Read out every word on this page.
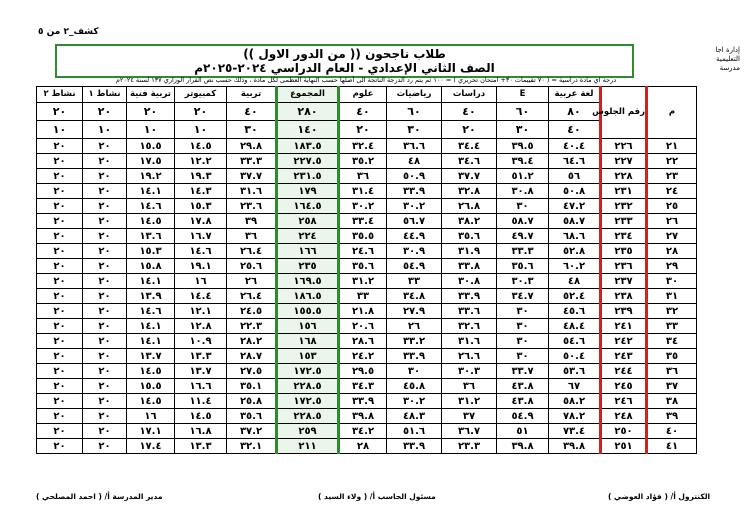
كشف_٢ من ٥
إدارة اجا التعليمية
مدرسة
طلاب ناجحون (( من الدور الاول ))
الصف الثاني الإعدادي - العام الدراسي ٢٠٢٤-٢٠٢٥م
درجة اي مادة دراسية = ( ٧٠ تقييمات ٣٠+ امتحان تحريري ) = ١٠٠ ثم يتم رد الدرجة الناتجة الى أصلها حسب النهاية العظمى لكل مادة ، وذلك حسب نص القرار الوزاري ١٣٧ لسنة ٢٠٢٤م
م	رقم الجلوس	لغة عربية	E	دراسات	رياضيات	علوم	المجموع	تربية	كمبيوتر	تربية فنية	نشاط ١	نشاط ٢
		٨٠	٦٠	٤٠	٦٠	٤٠	٢٨٠	٤٠	٢٠	٢٠	٢٠	٢٠
		٤٠	٣٠	٢٠	٣٠	٢٠	١٤٠	٣٠	١٠	١٠	١٠	١٠
٢١	٢٢٦	٤٠.٤	٣٩.٥	٣٤.٤	٣٦.٦	٣٢.٤	١٨٣.٥	٢٩.٨	١٤.٥	١٥.٥	٢٠	٢٠
٢٢	٢٢٧	٦٤.٦	٣٩.٤	٣٤.٦	٤٨	٣٥.٢	٢٢٧.٥	٣٣.٣	١٢.٢	١٧.٥	٢٠	٢٠
٢٣	٢٢٨	٥٦	٥١.٢	٣٧.٧	٥٠.٩	٣٦	٢٣١.٥	٣٧.٧	١٩.٣	١٩.٢	٢٠	٢٠
٢٤	٢٣١	٥٠.٨	٣٠.٨	٣٢.٨	٣٣.٩	٣١.٤	١٧٩	٣١.٦	١٤.٣	١٤.١	٢٠	٢٠
٢٥	٢٣٢	٤٧.٢	٣٠	٢٦.٨	٣٠.٢	٣٠.٢	١٦٤.٥	٢٣.٦	١٥.٣	١٤.٦	٢٠	٢٠
٢٦	٢٣٣	٥٨.٧	٥٨.٧	٣٨.٢	٥٦.٧	٣٣.٤	٢٥٨	٣٩	١٧.٨	١٤.٥	٢٠	٢٠
٢٧	٢٣٤	٦٨.٦	٤٩.٧	٣٥.٦	٤٤.٩	٣٥.٥	٢٢٤	٣٦	١٦.٧	١٣.٦	٢٠	٢٠
٢٨	٢٣٥	٥٢.٨	٣٣.٣	٣١.٩	٣٠.٩	٢٤.٦	١٦٦	٢٦.٤	١٤.٦	١٥.٣	٢٠	٢٠
٢٩	٢٣٦	٦٠.٢	٣٥.٦	٣٣.٨	٥٤.٩	٣٥.٦	٢٣٥	٢٥.٦	١٩.١	١٥.٨	٢٠	٢٠
٣٠	٢٣٧	٤٨	٣٠.٣	٣٠.٨	٣٣	٣١.٢	١٦٩.٥	٢٦	١٦	١٤.١	٢٠	٢٠
٣١	٢٣٨	٥٢.٤	٣٤.٧	٣٣.٩	٣٤.٨	٣٣	١٨٦.٥	٢٦.٤	١٤.٤	١٣.٩	٢٠	٢٠
٣٢	٢٣٩	٤٥.٦	٣٠	٣٣.٦	٢٧.٩	٢١.٨	١٥٥.٥	٢٤.٥	١٢.١	١٤.٦	٢٠	٢٠
٣٣	٢٤١	٤٨.٤	٣٠	٣٢.٦	٢٦	٢٠.٦	١٥٦	٢٢.٣	١٢.٨	١٤.١	٢٠	٢٠
٣٤	٢٤٢	٥٤.٦	٣٠	٣١.٦	٣٣.٢	٢٨.٦	١٦٨	٢٨.٢	١٠.٩	١٤.١	٢٠	٢٠
٣٥	٢٤٣	٥٠.٤	٣٠	٢٦.٦	٣٣.٩	٢٤.٢	١٥٣	٢٨.٧	١٣.٣	١٣.٧	٢٠	٢٠
٣٦	٢٤٤	٥٣.٦	٣٣.٧	٣٠.٣	٣٠	٢٩.٥	١٧٢.٥	٢٧.٥	١٣.٧	١٤.٥	٢٠	٢٠
٣٧	٢٤٥	٦٧	٤٣.٨	٣٦	٤٥.٨	٣٤.٣	٢٢٨.٥	٣٥.١	١٦.٦	١٥.٥	٢٠	٢٠
٣٨	٢٤٦	٥٨.٢	٤٣.٨	٣١.٢	٣٠.٢	٣٣.٩	١٧٢.٥	٢٥.٨	١١.٤	١٤.٥	٢٠	٢٠
٣٩	٢٤٨	٧٨.٢	٥٤.٩	٣٧	٤٨.٣	٣٩.٨	٢٢٨.٥	٣٥.٦	١٤.٥	١٦	٢٠	٢٠
٤٠	٢٥٠	٧٣.٤	٥١	٣٦.٧	٥١.٦	٣٤.٢	٢٥٩	٣٧.٢	١٦.٨	١٧.١	٢٠	٢٠
٤١	٢٥١	٣٩.٨	٣٩.٨	٢٣.٣	٣٣.٩	٢٨	٢١١	٣٢.١	١٣.٣	١٧.٤	٢٠	٢٠
الكنترول أ/ ( فؤاد العوضي )
مسئول الحاسب أ/ ( ولاء السيد )
مدير المدرسة أ/ ( احمد المصلحي )
